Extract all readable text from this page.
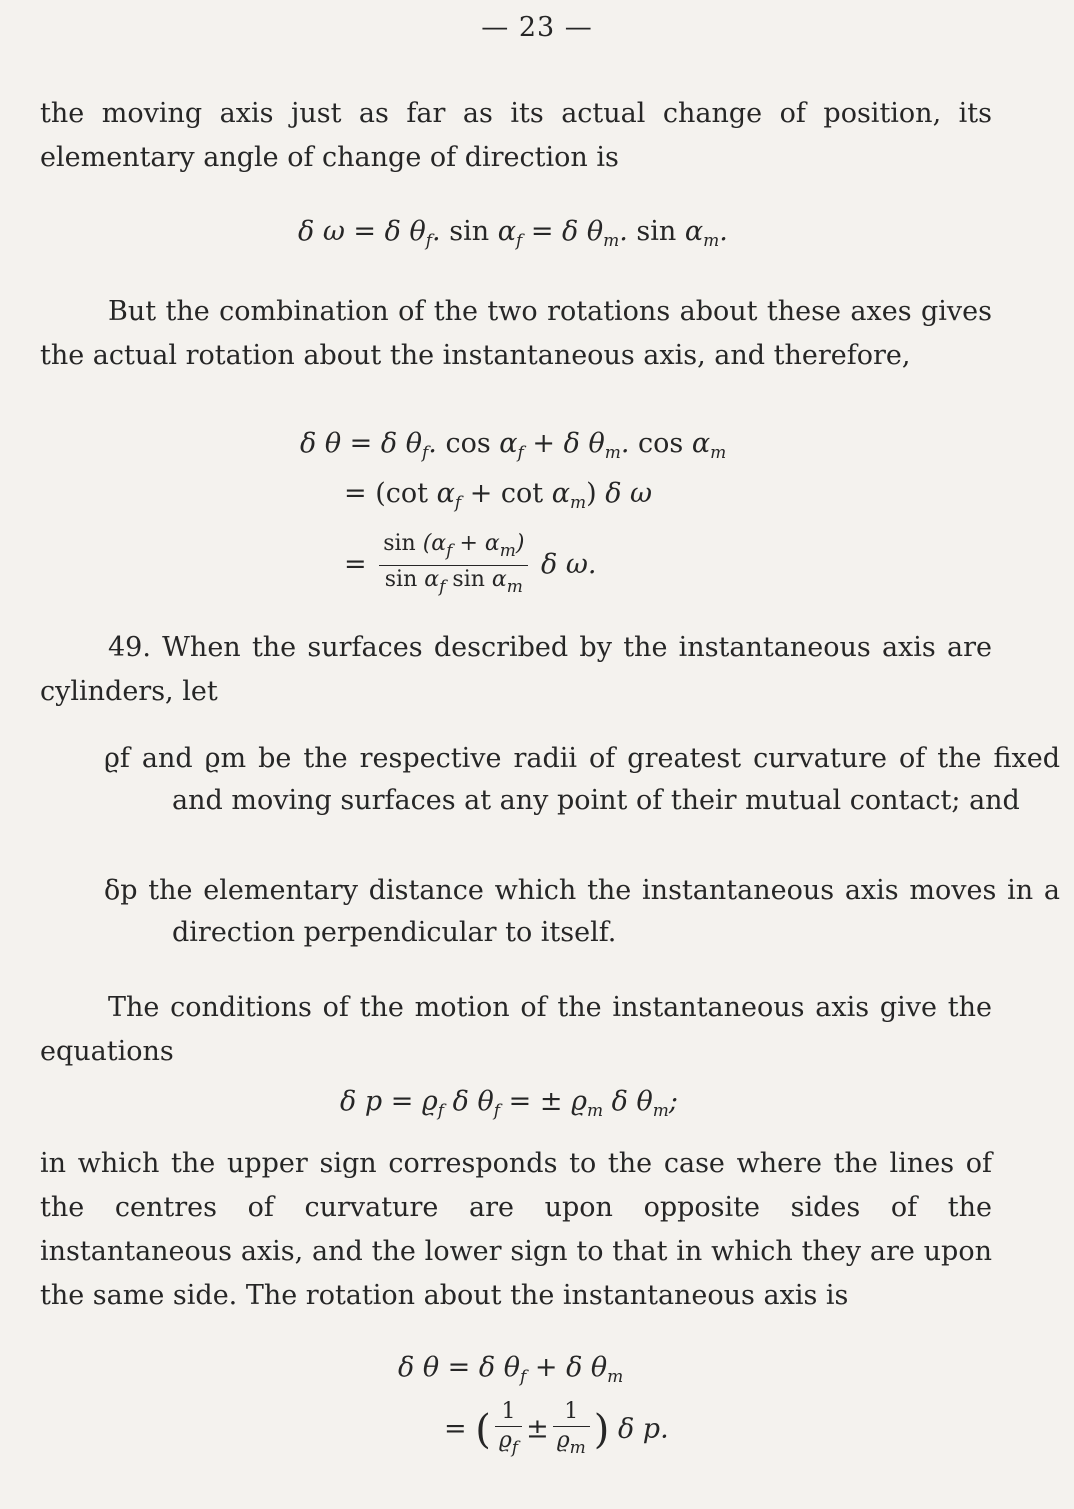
— 23 —
the moving axis just as far as its actual change of position, its elementary angle of change of direction is
δ ω = δ $\theta_f$. $\sin \alpha_f = \delta$ $\theta_m$. $\sin \alpha_m$.
But the combination of the two rotations about these axes gives the actual rotation about the instantaneous axis, and therefore,
δ θ = δ $\theta_f$. $\cos \alpha_f + \delta$ $\theta_m$. $\cos \alpha_m$
= (cot $\alpha_f + \cot \alpha_m$) δ ω
= $\frac{\sin (\alpha_f + \alpha_m)}{\sin \alpha_f \sin \alpha_m}$ δ ω.
49. When the surfaces described by the instantaneous axis are cylinders, let
ϱf and ϱm be the respective radii of greatest curvature of the fixed and moving surfaces at any point of their mutual contact; and
δp the elementary distance which the instantaneous axis moves in a direction perpendicular to itself.
The conditions of the motion of the instantaneous axis give the equations
δ $p = ϱ_f$ δ $\theta_f$ = ± $ϱ_m$ δ $\theta_m$;
in which the upper sign corresponds to the case where the lines of the centres of curvature are upon opposite sides of the instantaneous axis, and the lower sign to that in which they are upon the same side. The rotation about the instantaneous axis is
δ θ = δ $\theta_f + \delta$ $\theta_m$
= ( $\frac{1}{ϱ_f} \pm \frac{1}{ϱ_m}$ ) δ p.
